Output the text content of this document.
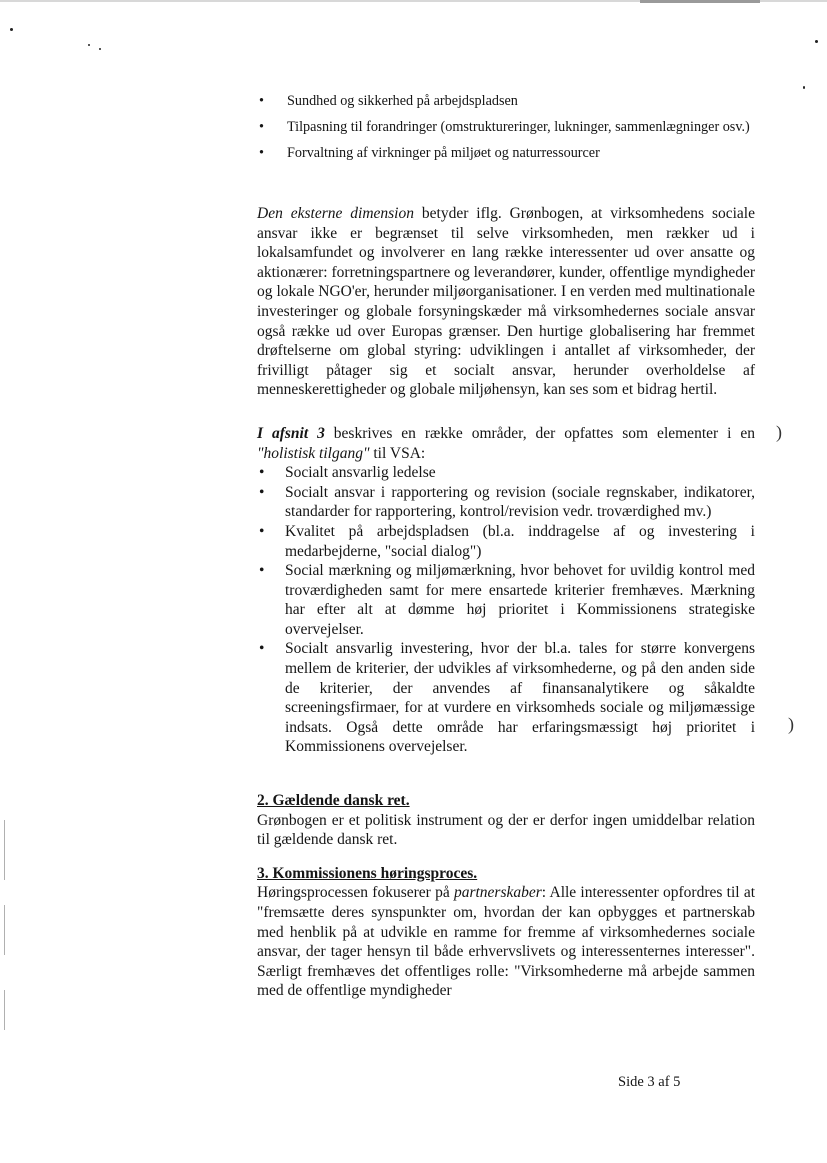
)
)
• Sundhed og sikkerhed på arbejdspladsen
• Tilpasning til forandringer (omstruktureringer, lukninger, sammenlægninger osv.)
• Forvaltning af virkninger på miljøet og naturressourcer

Den eksterne dimension betyder iflg. Grønbogen, at virksomhedens sociale ansvar ikke er begrænset til selve virksomheden, men rækker ud i lokalsamfundet og involverer en lang række interessenter ud over ansatte og aktionærer: forretningspartnere og leverandører, kunder, offentlige myndigheder og lokale NGO'er, herunder miljøorganisationer. I en verden med multinationale investeringer og globale forsyningskæder må virksomhedernes sociale ansvar også række ud over Europas grænser. Den hurtige globalisering har fremmet drøftelserne om global styring: udviklingen i antallet af virksomheder, der frivilligt påtager sig et socialt ansvar, herunder overholdelse af menneskerettigheder og globale miljøhensyn, kan ses som et bidrag hertil.

I afsnit 3 beskrives en række områder, der opfattes som elementer i en "holistisk tilgang" til VSA:

• Socialt ansvarlig ledelse
• Socialt ansvar i rapportering og revision (sociale regnskaber, indikatorer, standarder for rapportering, kontrol/revision vedr. troværdighed mv.)
• Kvalitet på arbejdspladsen (bl.a. inddragelse af og investering i medarbejderne, "social dialog")
• Social mærkning og miljømærkning, hvor behovet for uvildig kontrol med troværdigheden samt for mere ensartede kriterier fremhæves. Mærkning har efter alt at dømme høj prioritet i Kommissionens strategiske overvejelser.
• Socialt ansvarlig investering, hvor der bl.a. tales for større konvergens mellem de kriterier, der udvikles af virksomhederne, og på den anden side de kriterier, der anvendes af finansanalytikere og såkaldte screeningsfirmaer, for at vurdere en virksomheds sociale og miljømæssige indsats. Også dette område har erfaringsmæssigt høj prioritet i Kommissionens overvejelser.
2. Gældende dansk ret.

Grønbogen er et politisk instrument og der er derfor ingen umiddelbar relation til gældende dansk ret.

3. Kommissionens høringsproces.

Høringsprocessen fokuserer på partnerskaber: Alle interessenter opfordres til at "fremsætte deres synspunkter om, hvordan der kan opbygges et partnerskab med henblik på at udvikle en ramme for fremme af virksomhedernes sociale ansvar, der tager hensyn til både erhvervslivets og interessenternes interesser". Særligt fremhæves det offentliges rolle: "Virksomhederne må arbejde sammen med de offentlige myndigheder

Side 3 af 5
